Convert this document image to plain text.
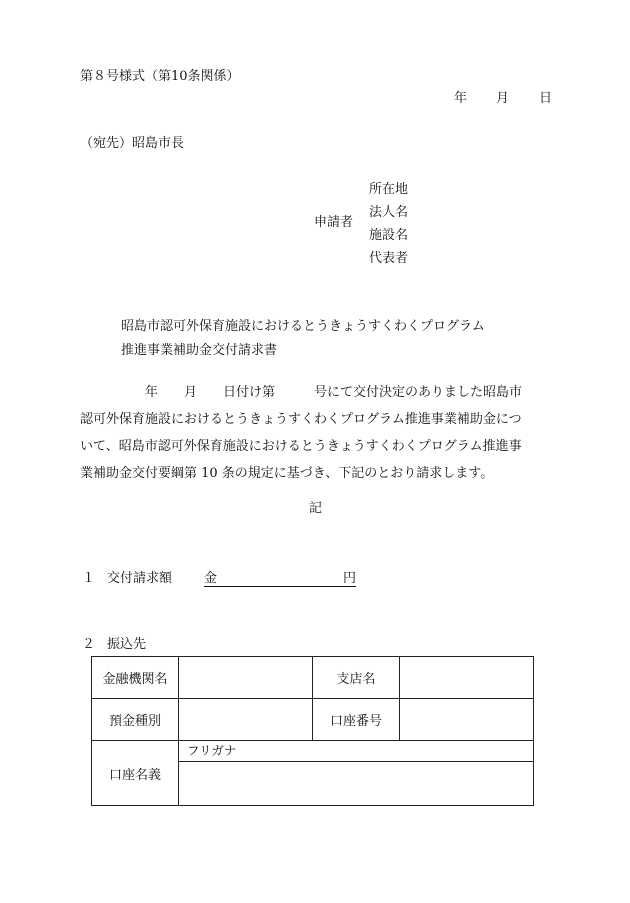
第８号様式（第10条関係）
年 月 日
（宛先）昭島市長
申請者
所在地
法人名
施設名
代表者
昭島市認可外保育施設におけるとうきょうすくわくプログラム
推進事業補助金交付請求書
　　　　　年　　月　　日付け第　　　号にて交付決定のありました昭島市
認可外保育施設におけるとうきょうすくわくプログラム推進事業補助金につ
いて、昭島市認可外保育施設におけるとうきょうすくわくプログラム推進事
業補助金交付要綱第 10 条の規定に基づき、下記のとおり請求します。
記
１ 交付請求額 金	円
２ 振込先
金融機関名		支店名	
預金種別		口座番号	
口座名義	フリガナ		
